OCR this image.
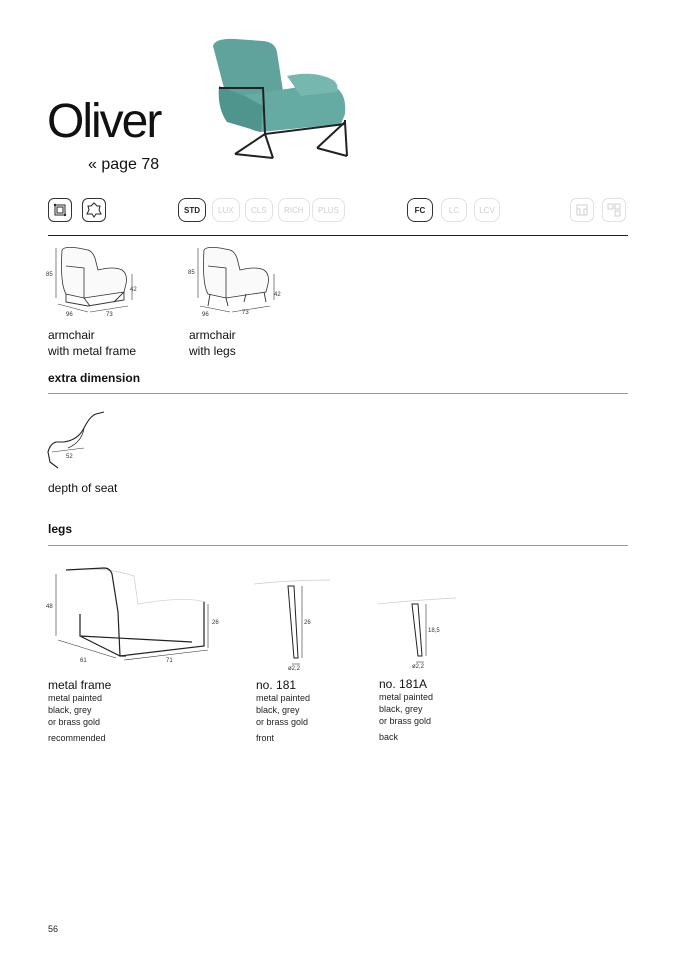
Oliver
« page 78
STD	LUX	CLS	RICH	PLUS	FC	LC	LCV
85
42
96	73
armchair
with metal frame
85
42
96	73
armchair
with legs
extra dimension
52
depth of seat
legs
48
26
61	71
metal frame
metal painted
black, grey
or brass gold
recommended
26
ø2,2
no. 181
metal painted
black, grey
or brass gold
front
18,5
ø2,2
no. 181A
metal painted
black, grey
or brass gold
back
56
